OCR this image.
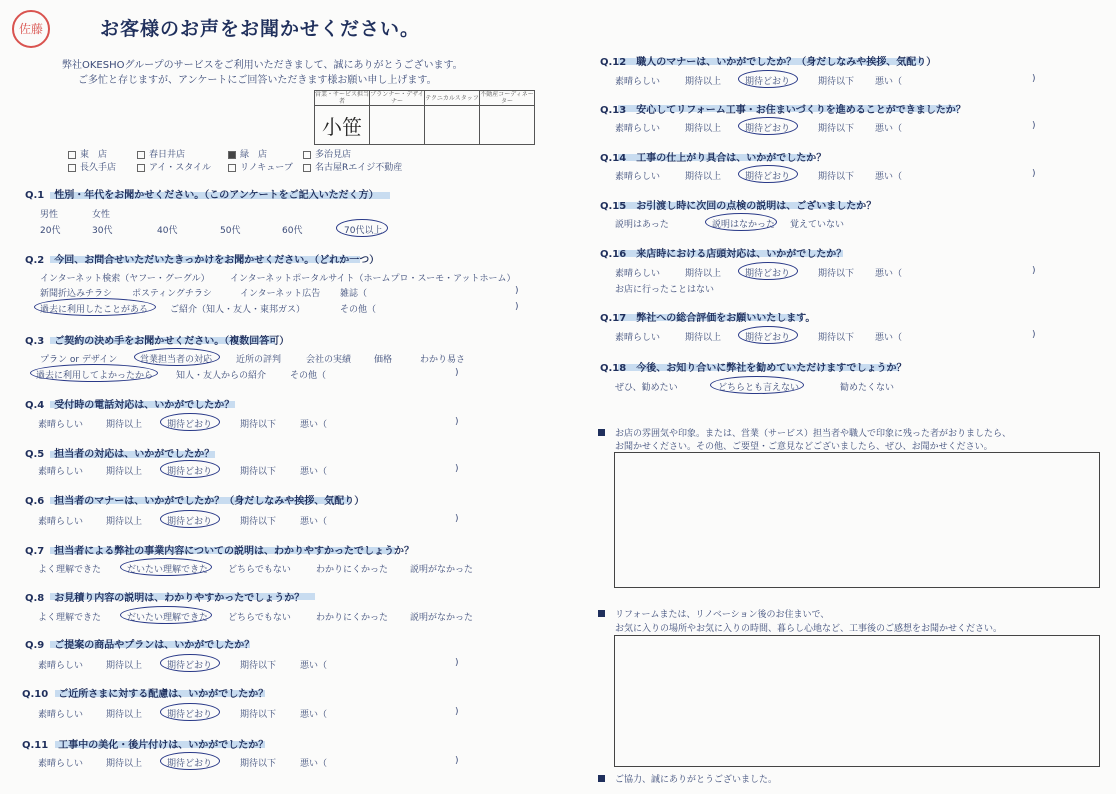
佐藤	お客様のお声をお聞かせください。
弊社OKESHOグループのサービスをご利用いただきまして、誠にありがとうございます。
ご多忙と存じますが、アンケートにご回答いただきます様お願い申し上げます。
営業・サービス担当者	プランナー・デザイナー	テクニカルスタッフ	不動産コーディネーター
小笹			
東　店	春日井店	緑　店	多治見店
長久手店	アイ・スタイル	リノキューブ	名古屋Rエイジ不動産
Q.1　性別・年代をお聞かせください。（このアンケートをご記入いただく方）
男性	女性
20代	30代	40代	50代	60代	70代以上
Q.2　今回、お問合せいただいたきっかけをお聞かせください。（どれか一つ）
インターネット検索（ヤフー・グーグル） インターネットポータルサイト（ホームプロ・スーモ・アットホーム）
新聞折込みチラシ ポスティングチラシ	インターネット広告 雑誌（	)
過去に利用したことがある ご紹介（知人・友人・東邦ガス）	その他（	)
Q.3　ご契約の決め手をお聞かせください。（複数回答可）
プラン or デザイン	営業担当者の対応	近所の評判	会社の実績	価格	わかり易さ
過去に利用してよかったから	知人・友人からの紹介	その他（	)
Q.4　受付時の電話対応は、いかがでしたか？
素晴らしい	期待以上	期待どおり	期待以下	悪い（	)
Q.5　担当者の対応は、いかがでしたか？
素晴らしい	期待以上	期待どおり	期待以下	悪い（	)
Q.6　担当者のマナーは、いかがでしたか？（身だしなみや挨拶、気配り）
素晴らしい	期待以上	期待どおり	期待以下	悪い（	)
Q.7　担当者による弊社の事業内容についての説明は、わかりやすかったでしょうか？
よく理解できた	だいたい理解できた どちらでもない	わかりにくかった 説明がなかった
Q.8　お見積り内容の説明は、わかりやすかったでしょうか？
よく理解できた	だいたい理解できた どちらでもない	わかりにくかった 説明がなかった
Q.9　ご提案の商品やプランは、いかがでしたか？
素晴らしい	期待以上	期待どおり	期待以下	悪い（	)
Q.10　ご近所さまに対する配慮は、いかがでしたか？
素晴らしい	期待以上	期待どおり	期待以下	悪い（	)
Q.11　工事中の美化・後片付けは、いかがでしたか？
素晴らしい	期待以上	期待どおり	期待以下	悪い（	)
Q.12　職人のマナーは、いかがでしたか？（身だしなみや挨拶、気配り）
素晴らしい	期待以上	期待どおり	期待以下 悪い（	)
Q.13　安心してリフォーム工事・お住まいづくりを進めることができましたか？
素晴らしい	期待以上	期待どおり	期待以下 悪い（	)
Q.14　工事の仕上がり具合は、いかがでしたか？
素晴らしい	期待以上	期待どおり	期待以下 悪い（	)
Q.15　お引渡し時に次回の点検の説明は、ございましたか？
説明はあった	説明はなかった 覚えていない
Q.16　来店時における店頭対応は、いかがでしたか？
素晴らしい	期待以上	期待どおり	期待以下 悪い（	)
お店に行ったことはない
Q.17　弊社への総合評価をお願いいたします。
素晴らしい	期待以上	期待どおり	期待以下 悪い（	)
Q.18　今後、お知り合いに弊社を勧めていただけますでしょうか？
ぜひ、勧めたい	どちらとも言えない	勧めたくない
お店の雰囲気や印象。または、営業（サービス）担当者や職人で印象に残った者がおりましたら、
お聞かせください。その他、ご要望・ご意見などございましたら、ぜひ、お聞かせください。
リフォームまたは、リノベーション後のお住まいで、
お気に入りの場所やお気に入りの時間、暮らし心地など、工事後のご感想をお聞かせください。
ご協力、誠にありがとうございました。
